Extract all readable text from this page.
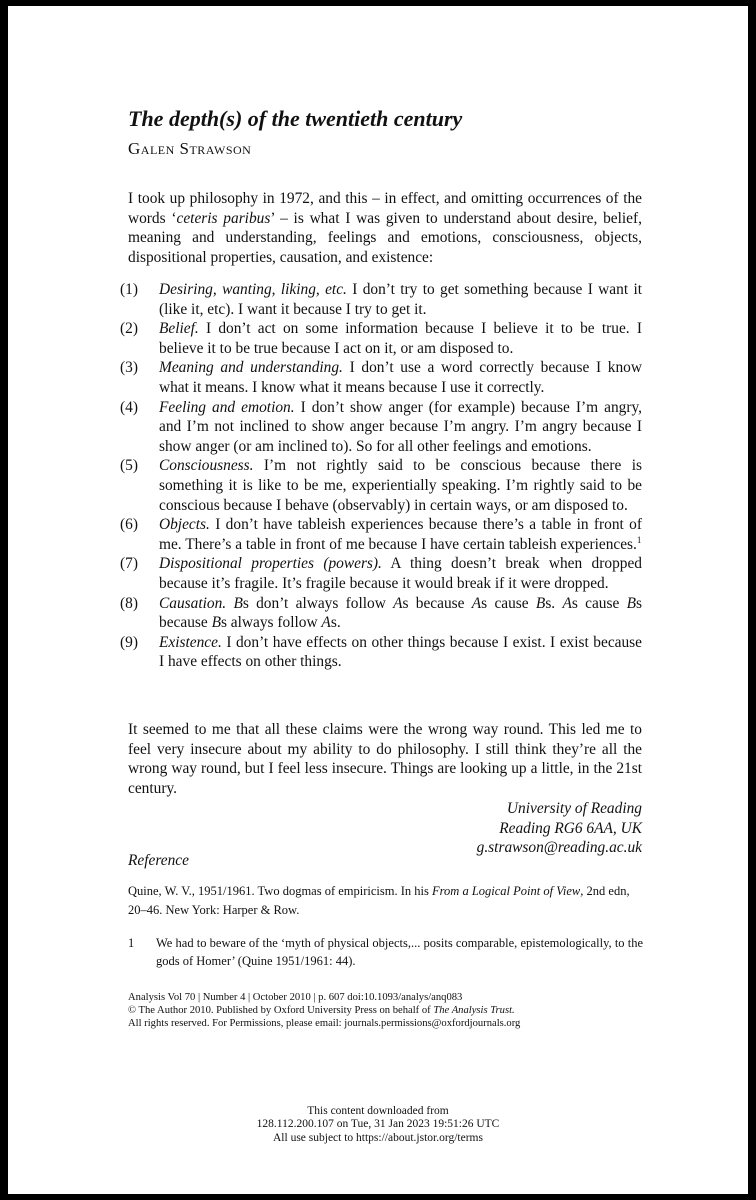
The depth(s) of the twentieth century
Galen Strawson
I took up philosophy in 1972, and this – in effect, and omitting occurrences of the words ‘ceteris paribus’ – is what I was given to understand about desire, belief, meaning and understanding, feelings and emotions, consciousness, objects, dispositional properties, causation, and existence:
(1)	Desiring, wanting, liking, etc. I don’t try to get something because I want it (like it, etc). I want it because I try to get it.
(2)	Belief. I don’t act on some information because I believe it to be true. I believe it to be true because I act on it, or am disposed to.
(3)	Meaning and understanding. I don’t use a word correctly because I know what it means. I know what it means because I use it correctly.
(4)	Feeling and emotion. I don’t show anger (for example) because I’m angry, and I’m not inclined to show anger because I’m angry. I’m angry because I show anger (or am inclined to). So for all other feelings and emotions.
(5)	Consciousness. I’m not rightly said to be conscious because there is something it is like to be me, experientially speaking. I’m rightly said to be conscious because I behave (observably) in certain ways, or am disposed to.
(6)	Objects. I don’t have tableish experiences because there’s a table in front of me. There’s a table in front of me because I have certain tableish experiences.$^1$
(7)	Dispositional properties (powers). A thing doesn’t break when dropped because it’s fragile. It’s fragile because it would break if it were dropped.
(8)	Causation. Bs don’t always follow As because As cause Bs. As cause Bs because Bs always follow As.
(9)	Existence. I don’t have effects on other things because I exist. I exist because I have effects on other things.
It seemed to me that all these claims were the wrong way round. This led me to feel very insecure about my ability to do philosophy. I still think they’re all the wrong way round, but I feel less insecure. Things are looking up a little, in the 21st century.
University of Reading
Reading RG6 6AA, UK
g.strawson@reading.ac.uk
Reference
Quine, W. V., 1951/1961. Two dogmas of empiricism. In his From a Logical Point of View, 2nd edn, 20–46. New York: Harper & Row.
1	We had to beware of the ‘myth of physical objects,... posits comparable, epistemologically, to the gods of Homer’ (Quine 1951/1961: 44).
Analysis Vol 70 | Number 4 | October 2010 | p. 607 doi:10.1093/analys/anq083
© The Author 2010. Published by Oxford University Press on behalf of The Analysis Trust.
All rights reserved. For Permissions, please email: journals.permissions@oxfordjournals.org
This content downloaded from
128.112.200.107 on Tue, 31 Jan 2023 19:51:26 UTC
All use subject to https://about.jstor.org/terms
